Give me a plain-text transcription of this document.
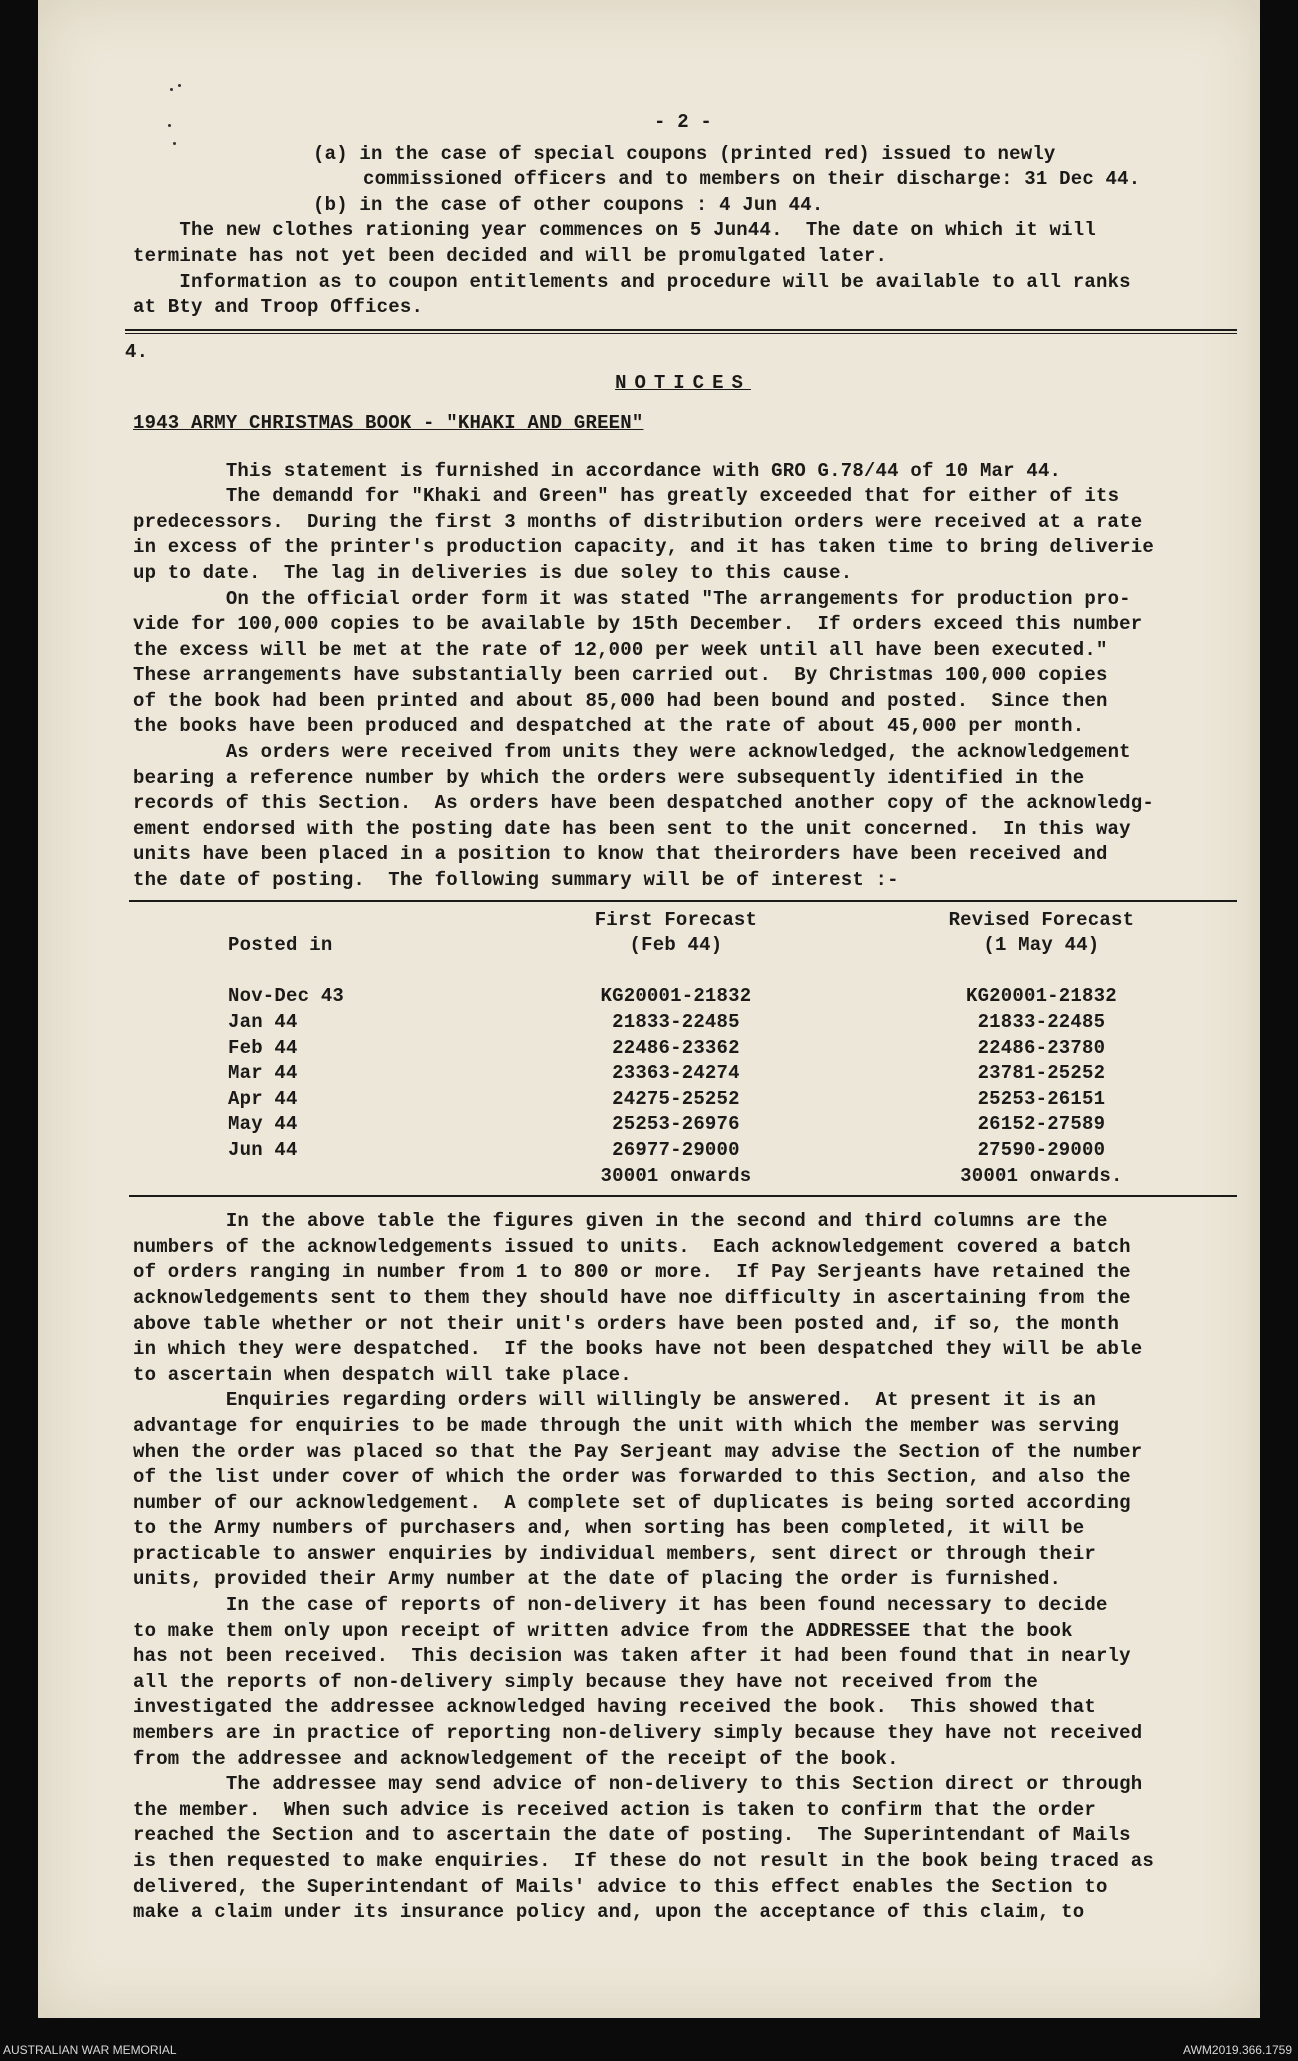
- 2 -
(a) in the case of special coupons (printed red) issued to newly
commissioned officers and to members on their discharge: 31 Dec 44.
(b) in the case of other coupons : 4 Jun 44.

The new clothes rationing year commences on 5 Jun44.  The date on which it will
terminate has not yet been decided and will be promulgated later.

Information as to coupon entitlements and procedure will be available to all ranks
at Bty and Troop Offices.

4.
NOTICES
1943 ARMY CHRISTMAS BOOK - "KHAKI AND GREEN"

This statement is furnished in accordance with GRO G.78/44 of 10 Mar 44.

The demandd for "Khaki and Green" has greatly exceeded that for either of its
predecessors.  During the first 3 months of distribution orders were received at a rate
in excess of the printer's production capacity, and it has taken time to bring deliverie
up to date.  The lag in deliveries is due soley to this cause.

On the official order form it was stated "The arrangements for production pro-
vide for 100,000 copies to be available by 15th December.  If orders exceed this number
the excess will be met at the rate of 12,000 per week until all have been executed."
These arrangements have substantially been carried out.  By Christmas 100,000 copies
of the book had been printed and about 85,000 had been bound and posted.  Since then
the books have been produced and despatched at the rate of about 45,000 per month.

As orders were received from units they were acknowledged, the acknowledgement
bearing a reference number by which the orders were subsequently identified in the
records of this Section.  As orders have been despatched another copy of the acknowledg-
ement endorsed with the posting date has been sent to the unit concerned.  In this way
units have been placed in a position to know that theirorders have been received and
the date of posting.  The following summary will be of interest :-

	First Forecast	Revised Forecast
Posted in	(Feb 44)	(1 May 44)

Nov-Dec 43	KG20001-21832	KG20001-21832
Jan 44	21833-22485	21833-22485
Feb 44	22486-23362	22486-23780
Mar 44	23363-24274	23781-25252
Apr 44	24275-25252	25253-26151
May 44	25253-26976	26152-27589
Jun 44	26977-29000	27590-29000
	30001 onwards	30001 onwards.

In the above table the figures given in the second and third columns are the
numbers of the acknowledgements issued to units.  Each acknowledgement covered a batch
of orders ranging in number from 1 to 800 or more.  If Pay Serjeants have retained the
acknowledgements sent to them they should have noe difficulty in ascertaining from the
above table whether or not their unit's orders have been posted and, if so, the month
in which they were despatched.  If the books have not been despatched they will be able
to ascertain when despatch will take place.

Enquiries regarding orders will willingly be answered.  At present it is an
advantage for enquiries to be made through the unit with which the member was serving
when the order was placed so that the Pay Serjeant may advise the Section of the number
of the list under cover of which the order was forwarded to this Section, and also the
number of our acknowledgement.  A complete set of duplicates is being sorted according
to the Army numbers of purchasers and, when sorting has been completed, it will be
practicable to answer enquiries by individual members, sent direct or through their
units, provided their Army number at the date of placing the order is furnished.

In the case of reports of non-delivery it has been found necessary to decide
to make them only upon receipt of written advice from the ADDRESSEE that the book
has not been received.  This decision was taken after it had been found that in nearly
all the reports of non-delivery simply because they have not received from the
investigated the addressee acknowledged having received the book.  This showed that
members are in practice of reporting non-delivery simply because they have not received
from the addressee and acknowledgement of the receipt of the book.

The addressee may send advice of non-delivery to this Section direct or through
the member.  When such advice is received action is taken to confirm that the order
reached the Section and to ascertain the date of posting.  The Superintendant of Mails
is then requested to make enquiries.  If these do not result in the book being traced as
delivered, the Superintendant of Mails' advice to this effect enables the Section to
make a claim under its insurance policy and, upon the acceptance of this claim, to

AUSTRALIAN WAR MEMORIAL	AWM2019.366.1759
